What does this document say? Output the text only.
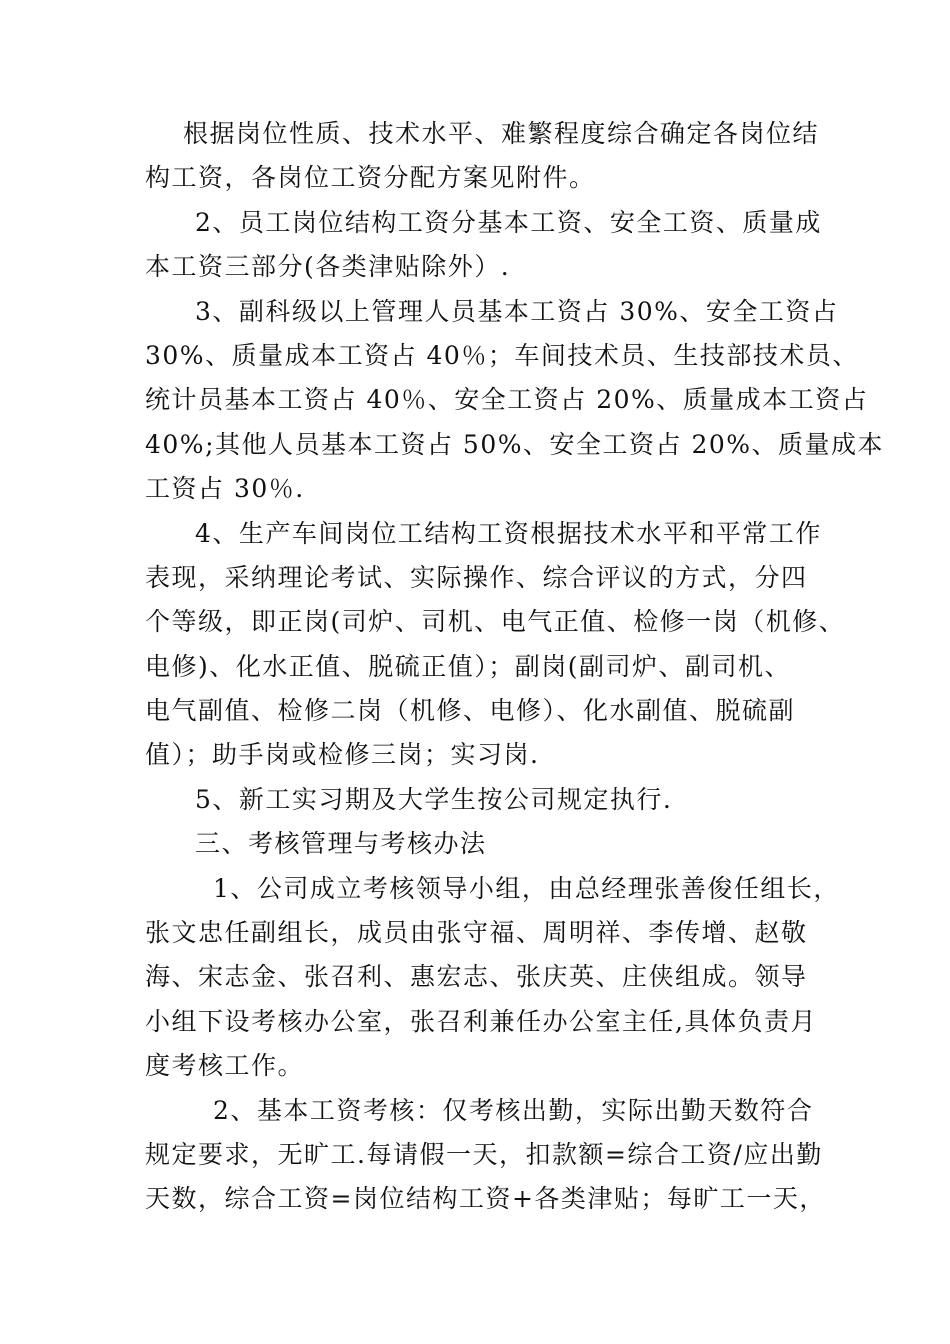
根据岗位性质、技术水平、难繁程度综合确定各岗位结
构工资，各岗位工资分配方案见附件。
2、员工岗位结构工资分基本工资、安全工资、质量成
本工资三部分(各类津贴除外）.
3、副科级以上管理人员基本工资占 30%、安全工资占
30%、质量成本工资占 40％；车间技术员、生技部技术员、
统计员基本工资占 40％、安全工资占 20%、质量成本工资占
40%;其他人员基本工资占 50%、安全工资占 20%、质量成本
工资占 30％.
4、生产车间岗位工结构工资根据技术水平和平常工作
表现，采纳理论考试、实际操作、综合评议的方式，分四
个等级，即正岗(司炉、司机、电气正值、检修一岗（机修、
电修)、化水正值、脱硫正值）；副岗(副司炉、副司机、
电气副值、检修二岗（机修、电修）、化水副值、脱硫副
值）；助手岗或检修三岗；实习岗.
5、新工实习期及大学生按公司规定执行.
三、考核管理与考核办法
1、公司成立考核领导小组，由总经理张善俊任组长，
张文忠任副组长，成员由张守福、周明祥、李传增、赵敬
海、宋志金、张召利、惠宏志、张庆英、庄侠组成。领导
小组下设考核办公室，张召利兼任办公室主任,具体负责月
度考核工作。
2、基本工资考核：仅考核出勤，实际出勤天数符合
规定要求，无旷工.每请假一天，扣款额=综合工资/应出勤
天数，综合工资=岗位结构工资+各类津贴；每旷工一天，
